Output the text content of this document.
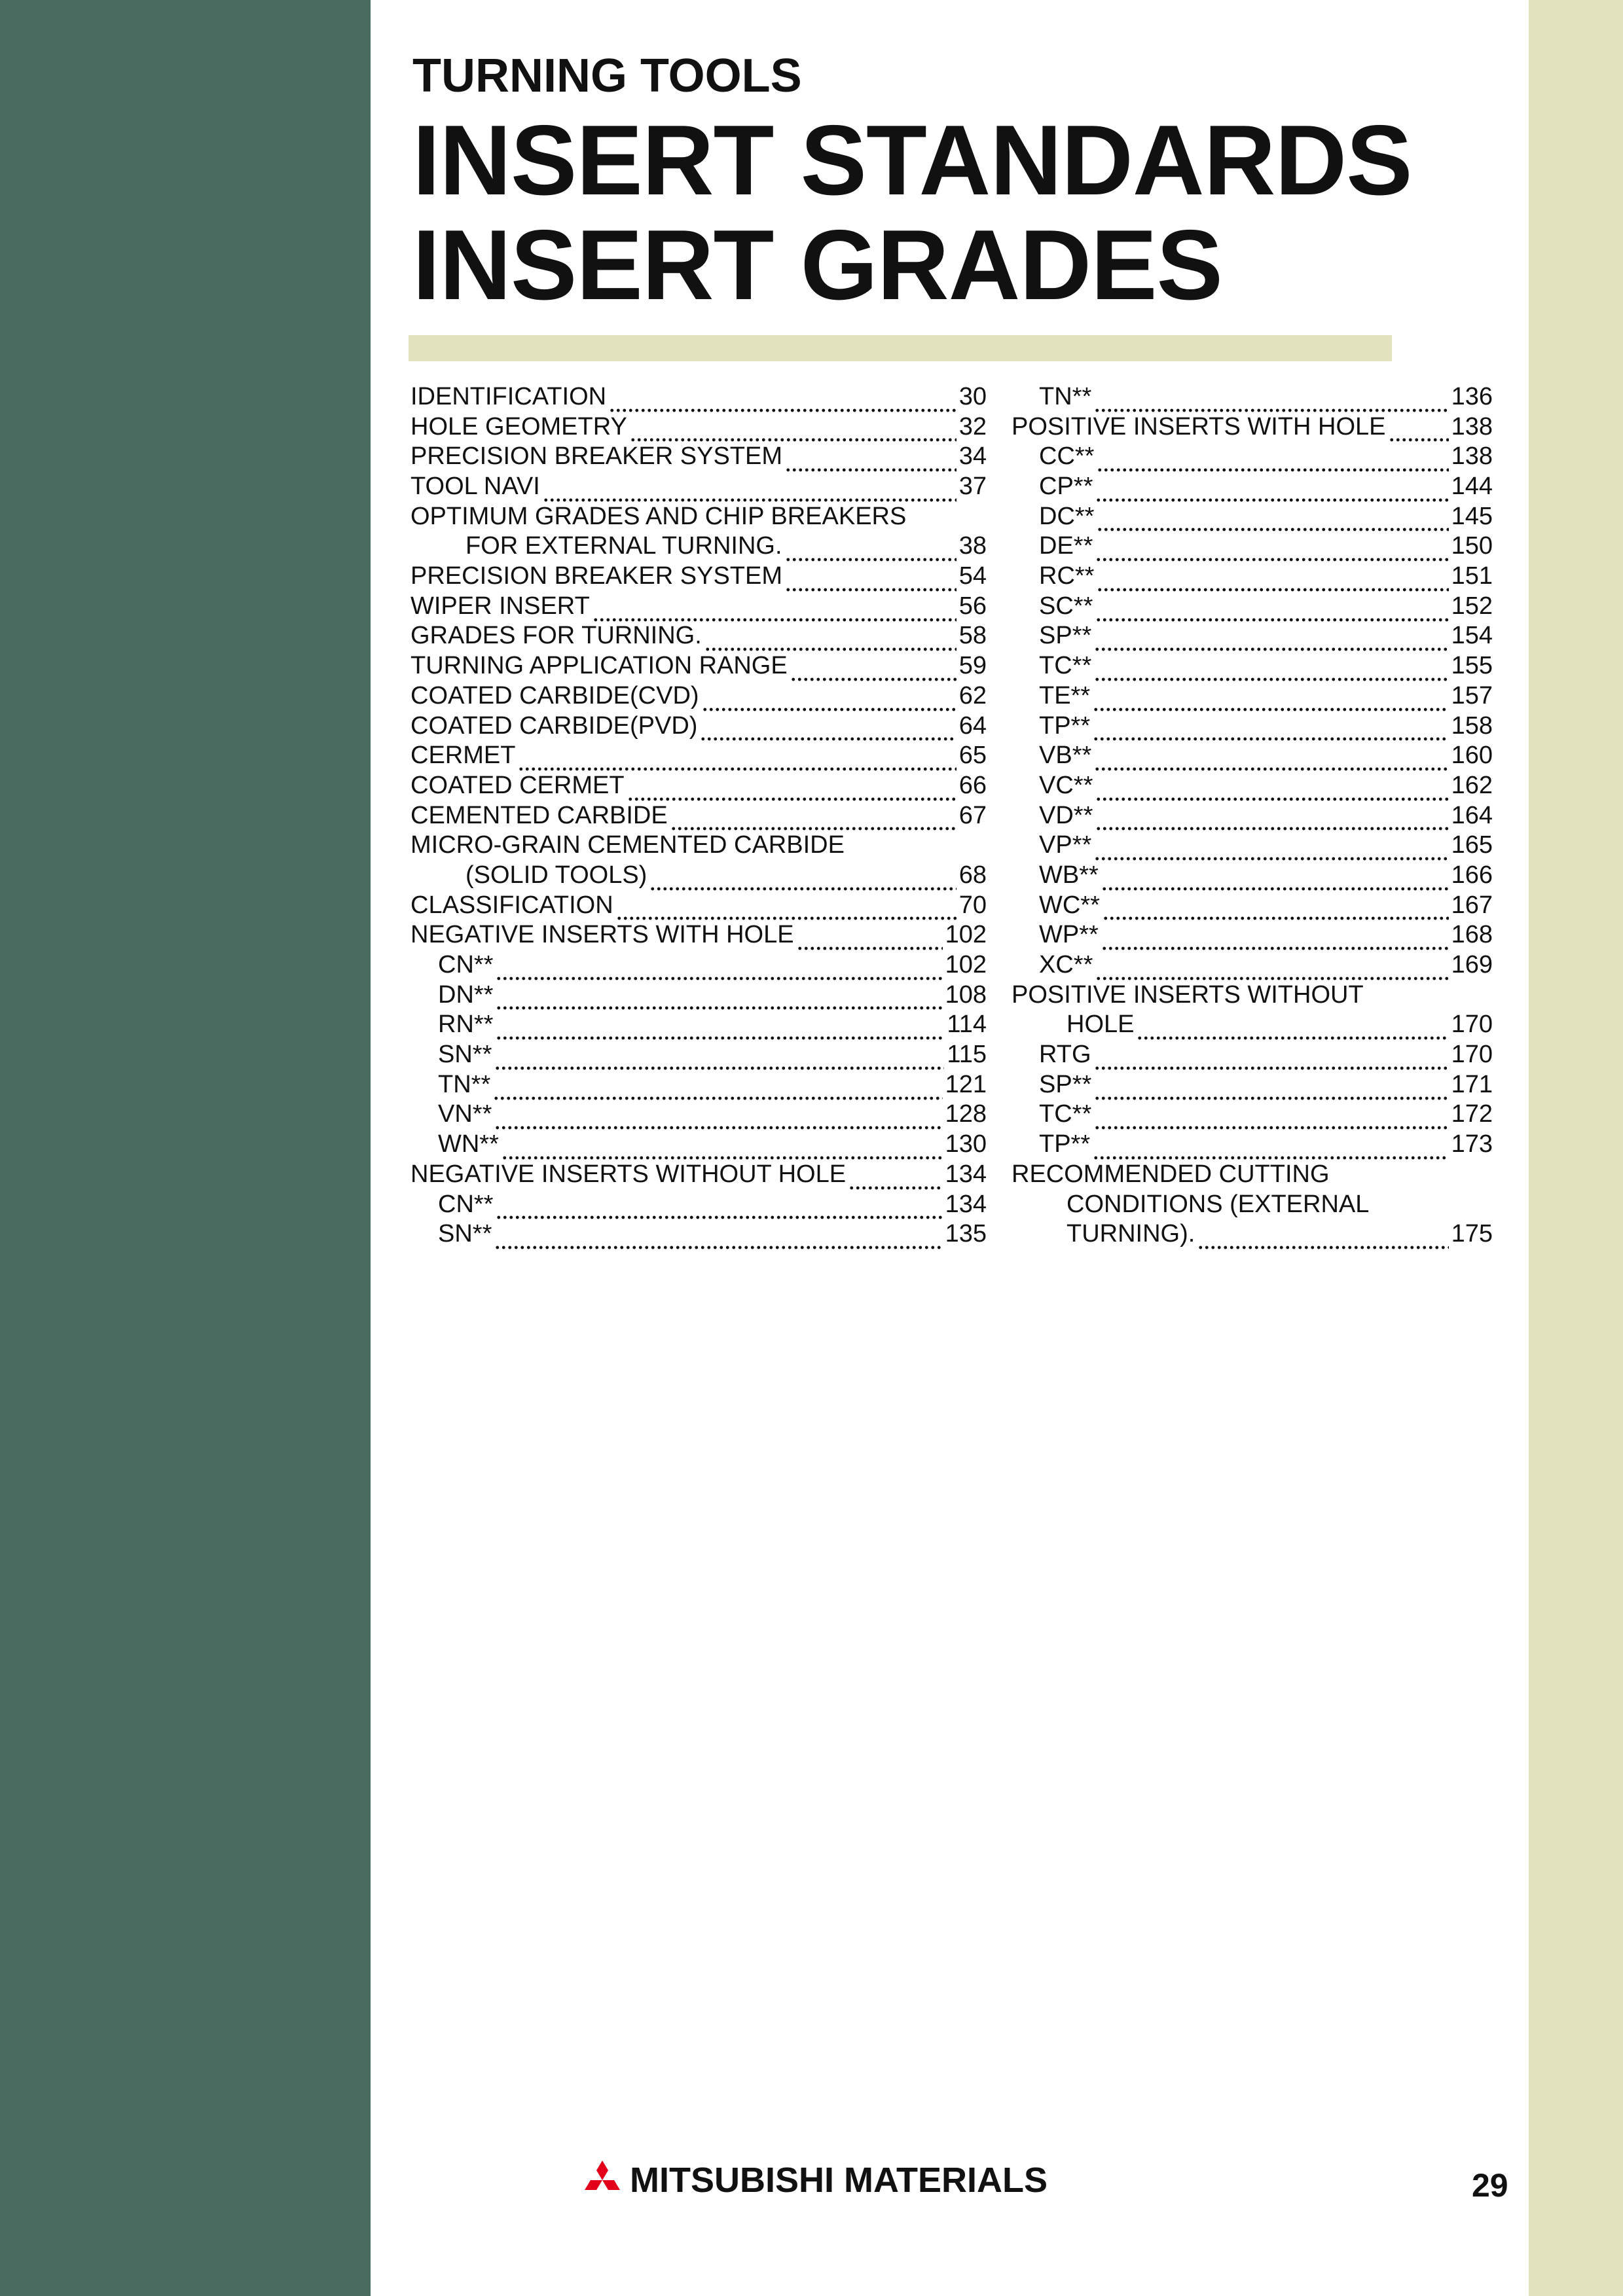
TURNING TOOLS
INSERT STANDARDS
INSERT GRADES
IDENTIFICATION	30
HOLE GEOMETRY	32
PRECISION BREAKER SYSTEM	34
TOOL NAVI	37
OPTIMUM GRADES AND CHIP BREAKERS
FOR EXTERNAL TURNING.	38
PRECISION BREAKER SYSTEM	54
WIPER INSERT	56
GRADES FOR TURNING.	58
TURNING APPLICATION RANGE	59
COATED CARBIDE(CVD)	62
COATED CARBIDE(PVD)	64
CERMET	65
COATED CERMET	66
CEMENTED CARBIDE	67
MICRO-GRAIN CEMENTED CARBIDE
(SOLID TOOLS)	68
CLASSIFICATION	70
NEGATIVE INSERTS WITH HOLE	102
CN**	102
DN**	108
RN**	114
SN**	115
TN**	121
VN**	128
WN**	130
NEGATIVE INSERTS WITHOUT HOLE	134
CN**	134
SN**	135
TN**	136
POSITIVE INSERTS WITH HOLE	138
CC**	138
CP**	144
DC**	145
DE**	150
RC**	151
SC**	152
SP**	154
TC**	155
TE**	157
TP**	158
VB**	160
VC**	162
VD**	164
VP**	165
WB**	166
WC**	167
WP**	168
XC**	169
POSITIVE INSERTS WITHOUT
HOLE	170
RTG	170
SP**	171
TC**	172
TP**	173
RECOMMENDED CUTTING
CONDITIONS (EXTERNAL
TURNING).	175
MITSUBISHI MATERIALS	29
